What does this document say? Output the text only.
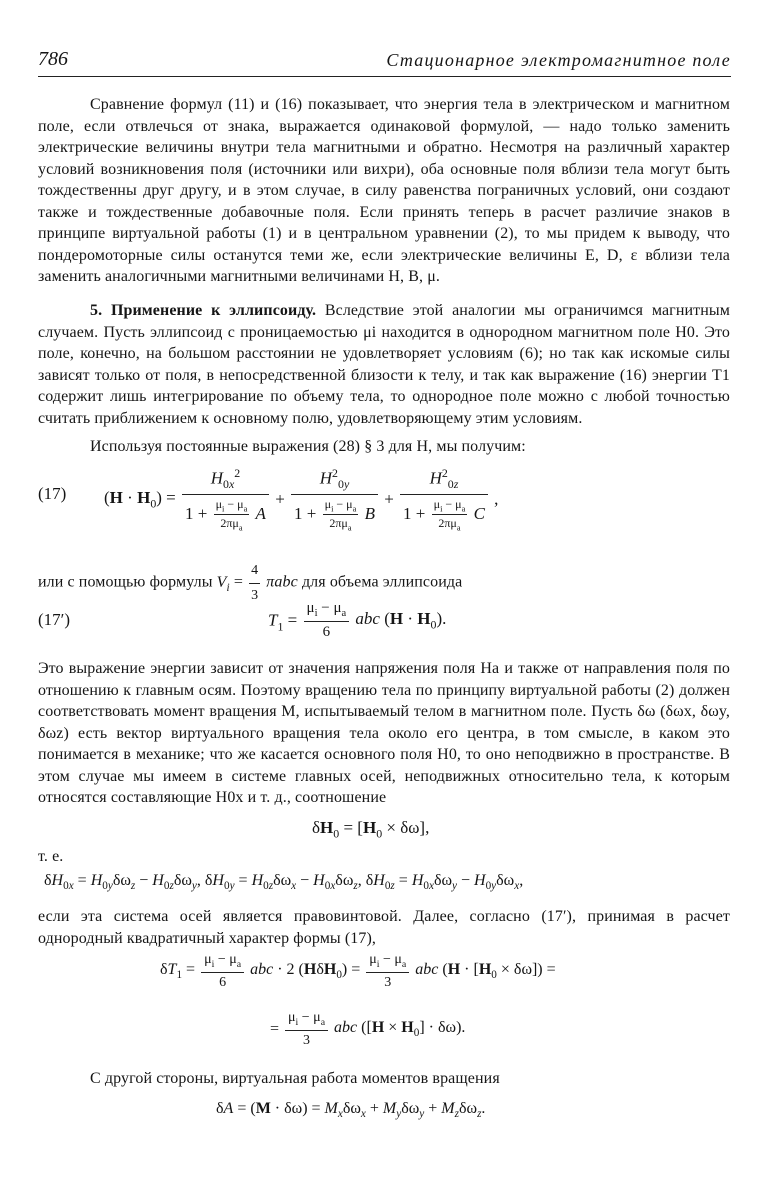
786	Стационарное электромагнитное поле

Сравнение формул (11) и (16) показывает, что энергия тела в электрическом и магнитном поле, если отвлечься от знака, выражается одинаковой формулой, — надо только заменить электрические величины внутри тела магнитными и обратно. Несмотря на различный характер условий возникновения поля (источники или вихри), оба основные поля вблизи тела могут быть тождественны друг другу, и в этом случае, в силу равенства пограничных условий, они создают также и тождественные добавочные поля. Если принять теперь в расчет различие знаков в принципе виртуальной работы (1) и в центральном уравнении (2), то мы придем к выводу, что пондеромоторные силы останутся теми же, если электрические величины E, D, ε вблизи тела заменить аналогичными магнитными величинами H, B, μ.

5. Применение к эллипсоиду. Вследствие этой аналогии мы ограничимся магнитным случаем. Пусть эллипсоид с проницаемостью μi находится в однородном магнитном поле H0. Это поле, конечно, на большом расстоянии не удовлетворяет условиям (6); но так как искомые силы зависят только от поля, в непосредственной близости к телу, и так как выражение (16) энергии T1 содержит лишь интегрирование по объему тела, то однородное поле можно с любой точностью считать приближением к основному полю, удовлетворяющему этим условиям.

Используя постоянные выражения (28) § 3 для H, мы получим:

(17) $(H \cdot H_0) = \frac{H_{0x}^2}{1 + \frac{\mu_i - \mu_a}{2\pi\mu_a} A} + \frac{H^2_{0y}}{1 + \frac{\mu_i - \mu_a}{2\pi\mu_a} B} + \frac{H^2_{0z}}{1 + \frac{\mu_i - \mu_a}{2\pi\mu_a} C}$ ,
или с помощью формулы $V_i = \frac{4}{3}$ πabc для объема эллипсоида
(17′)	$T_1 = \frac{\mu_i - \mu_a}{6}$ abc $(H \cdot H_0)$.

Это выражение энергии зависит от значения напряжения поля Ha и также от направления поля по отношению к главным осям. Поэтому вращению тела по принципу виртуальной работы (2) должен соответствовать момент вращения M, испытываемый телом в магнитном поле. Пусть δω (δωx, δωy, δωz) есть вектор виртуального вращения тела около его центра, в том смысле, в каком это понимается в механике; что же касается основного поля H0, то оно неподвижно в пространстве. В этом случае мы имеем в системе главных осей, неподвижных относительно тела, к которым относятся составляющие H0x и т. д., соотношение

$\delta H_0 = [H_0 \times \delta\omega]$,

т. е.

$\delta H_{0x} = H_{0y}\delta\omega_z - H_{0z}\delta\omega_y$, $\delta H_{0y} = H_{0z}\delta\omega_x - H_{0x}\delta\omega_z$, $\delta H_{0z} = H_{0x}\delta\omega_y - H_{0y}\delta\omega_x$,

если эта система осей является правовинтовой. Далее, согласно (17′), принимая в расчет однородный квадратичный характер формы (17),

$\delta T_1 = \frac{\mu_i - \mu_a}{6}$ abc · 2 $(H\delta H_0) = \frac{\mu_i - \mu_a}{3}$ abc $(H \cdot [H_0 \times \delta\omega])$ =
= $\frac{\mu_i - \mu_a}{3}$ abc $([H \times H_0] \cdot \delta\omega)$.

С другой стороны, виртуальная работа моментов вращения

$\delta A = (M \cdot \delta\omega) = M_x\delta\omega_x + M_y\delta\omega_y + M_z\delta\omega_z$.
